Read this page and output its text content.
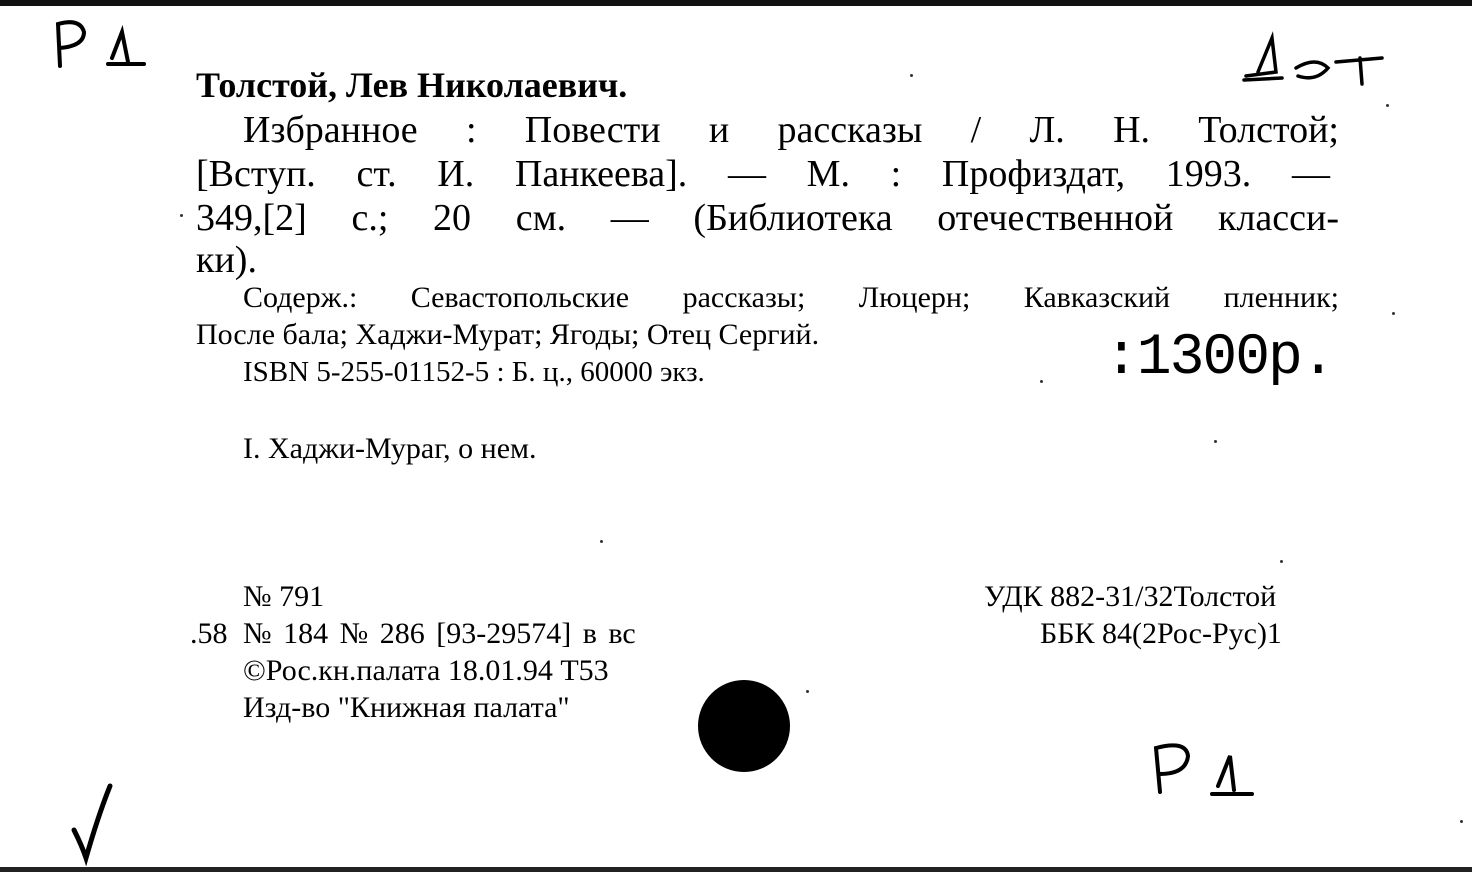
Толстой, Лев Николаевич.
Избранное : Повести и рассказы / Л. Н. Толстой;
[Вступ. ст. И. Панкеева]. — М. : Профиздат, 1993. —
349,[2] с.; 20 см. — (Библиотека отечественной класси-
ки).
Содерж.: Севастопольские рассказы; Люцерн; Кавказский пленник;
После бала; Хаджи-Мурат; Ягоды; Отец Сергий.
ISBN 5-255-01152-5 : Б. ц., 60000 экз.	:1300р.
I. Хаджи-Мураг, о нем.
.58
№ 791
№ 184 № 286 [93-29574] в вс
©Рос.кн.палата 18.01.94 Т53
Изд-во "Книжная палата"
УДК 882-31/32Толстой
ББК 84(2Рос-Рус)1
